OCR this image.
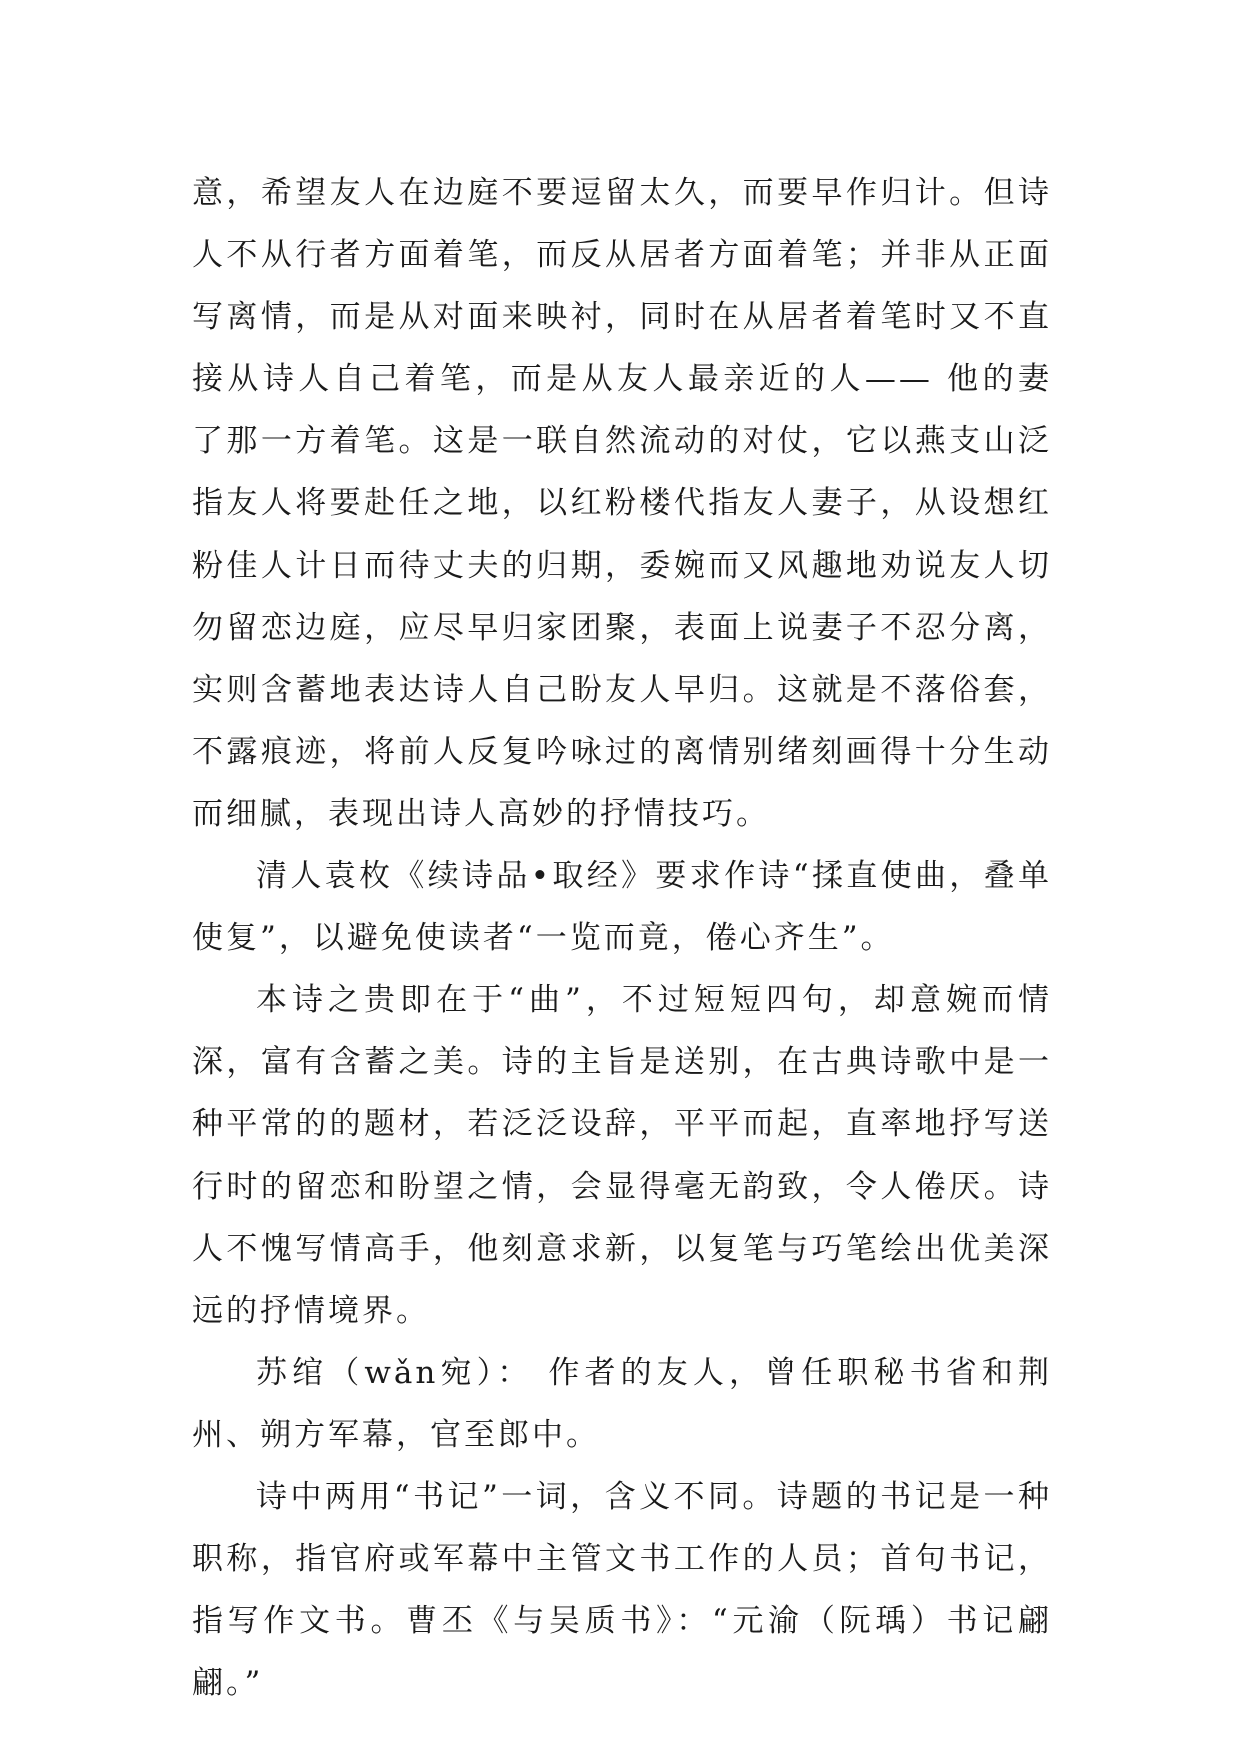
意，希望友人在边庭不要逗留太久，而要早作归计。但诗人不从行者方面着笔，而反从居者方面着笔；并非从正面写离情，而是从对面来映衬，同时在从居者着笔时又不直接从诗人自己着笔，而是从友人最亲近的人—— 他的妻了那一方着笔。这是一联自然流动的对仗，它以燕支山泛指友人将要赴任之地，以红粉楼代指友人妻子，从设想红粉佳人计日而待丈夫的归期，委婉而又风趣地劝说友人切勿留恋边庭，应尽早归家团聚，表面上说妻子不忍分离，实则含蓄地表达诗人自己盼友人早归。这就是不落俗套，不露痕迹，将前人反复吟咏过的离情别绪刻画得十分生动而细腻，表现出诗人高妙的抒情技巧。

清人袁枚《续诗品•取经》要求作诗“揉直使曲，叠单使复”，以避免使读者“一览而竟，倦心齐生”。

本诗之贵即在于“曲”，不过短短四句，却意婉而情深，富有含蓄之美。诗的主旨是送别，在古典诗歌中是一种平常的的题材，若泛泛设辞，平平而起，直率地抒写送行时的留恋和盼望之情，会显得毫无韵致，令人倦厌。诗人不愧写情高手，他刻意求新，以复笔与巧笔绘出优美深远的抒情境界。

苏绾（wǎn宛）： 作者的友人，曾任职秘书省和荆州、朔方军幕，官至郎中。

诗中两用“书记”一词，含义不同。诗题的书记是一种职称，指官府或军幕中主管文书工作的人员；首句书记，指写作文书。曹丕《与吴质书》：“元渝（阮瑀）书记翩翩。”
